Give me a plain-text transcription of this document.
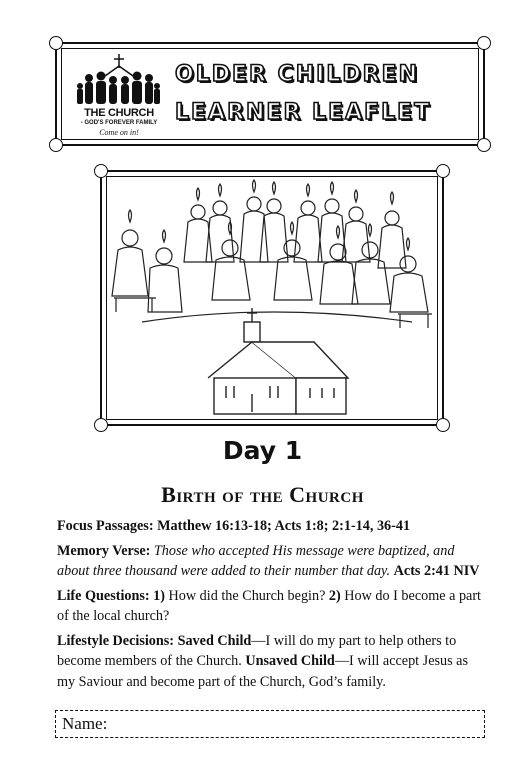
THE CHURCH
- GOD'S FOREVER FAMILY
Come on in!
OLDER CHILDREN
LEARNER LEAFLET
Day 1
Birth of the Church

Focus Passages: Matthew 16:13-18; Acts 1:8; 2:1-14, 36-41

Memory Verse: Those who accepted His message were baptized, and about three thousand were added to their number that day. Acts 2:41 NIV

Life Questions: 1) How did the Church begin? 2) How do I become a part of the local church?

Lifestyle Decisions: Saved Child—I will do my part to help others to become members of the Church. Unsaved Child—I will accept Jesus as my Saviour and become part of the Church, God’s family.

Name:
